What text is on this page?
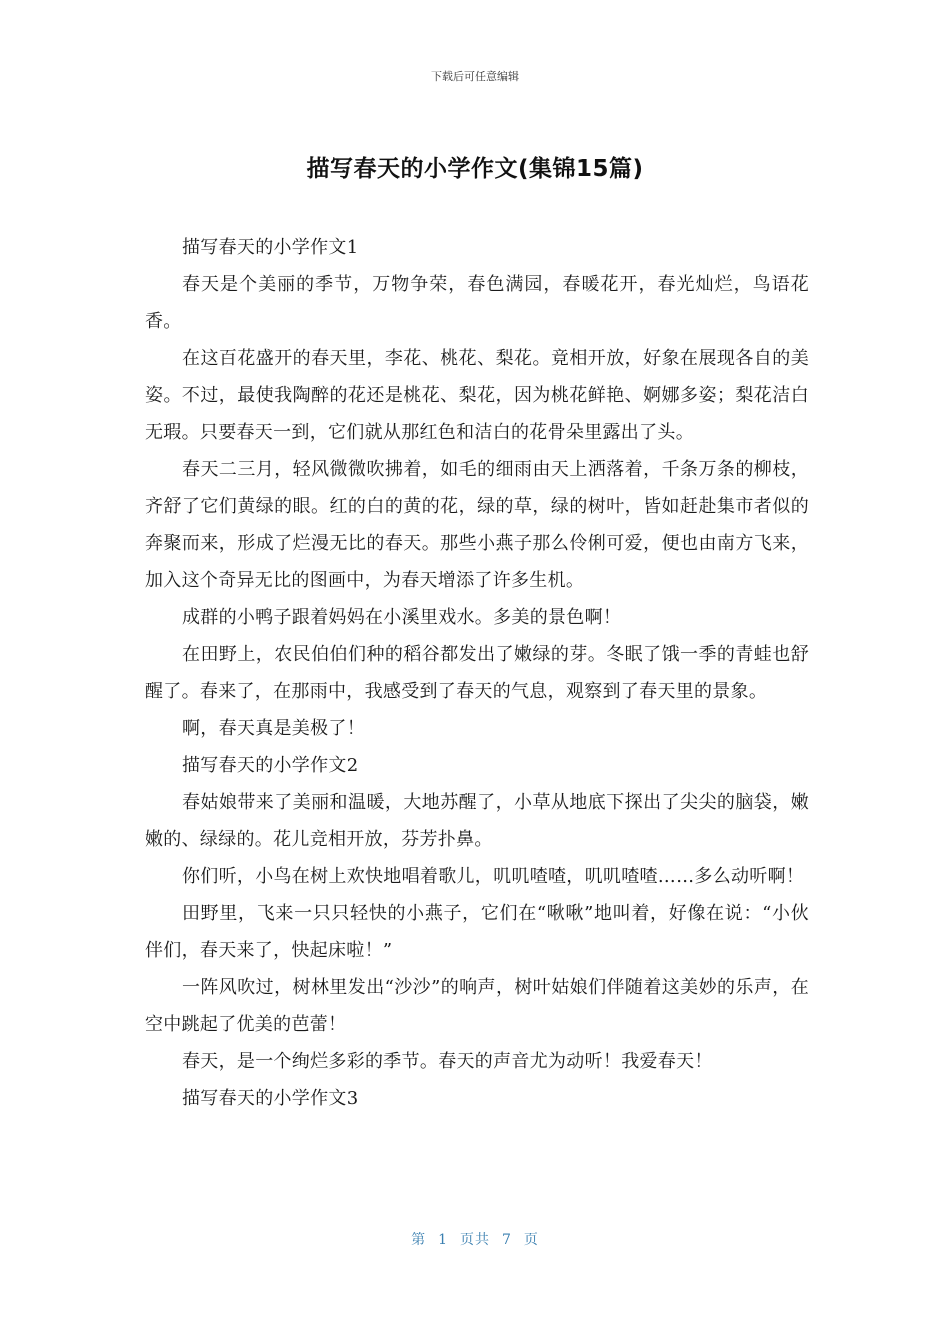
下载后可任意编辑
描写春天的小学作文(集锦15篇)

描写春天的小学作文1

春天是个美丽的季节，万物争荣，春色满园，春暖花开，春光灿烂，鸟语花香。

在这百花盛开的春天里，李花、桃花、梨花。竟相开放，好象在展现各自的美姿。不过，最使我陶醉的花还是桃花、梨花，因为桃花鲜艳、婀娜多姿；梨花洁白无瑕。只要春天一到，它们就从那红色和洁白的花骨朵里露出了头。

春天二三月，轻风微微吹拂着，如毛的细雨由天上洒落着，千条万条的柳枝，齐舒了它们黄绿的眼。红的白的黄的花，绿的草，绿的树叶，皆如赶赴集市者似的奔聚而来，形成了烂漫无比的春天。那些小燕子那么伶俐可爱，便也由南方飞来，加入这个奇异无比的图画中，为春天增添了许多生机。

成群的小鸭子跟着妈妈在小溪里戏水。多美的景色啊！

在田野上，农民伯伯们种的稻谷都发出了嫩绿的芽。冬眠了饿一季的青蛙也舒醒了。春来了，在那雨中，我感受到了春天的气息，观察到了春天里的景象。

啊，春天真是美极了！

描写春天的小学作文2

春姑娘带来了美丽和温暖，大地苏醒了，小草从地底下探出了尖尖的脑袋，嫩嫩的、绿绿的。花儿竞相开放，芬芳扑鼻。

你们听，小鸟在树上欢快地唱着歌儿，叽叽喳喳，叽叽喳喳……多么动听啊！

田野里，飞来一只只轻快的小燕子，它们在“啾啾”地叫着，好像在说：“小伙伴们，春天来了，快起床啦！”

一阵风吹过，树林里发出“沙沙”的响声，树叶姑娘们伴随着这美妙的乐声，在空中跳起了优美的芭蕾！

春天，是一个绚烂多彩的季节。春天的声音尤为动听！我爱春天！

描写春天的小学作文3

第 1 页共 7 页
